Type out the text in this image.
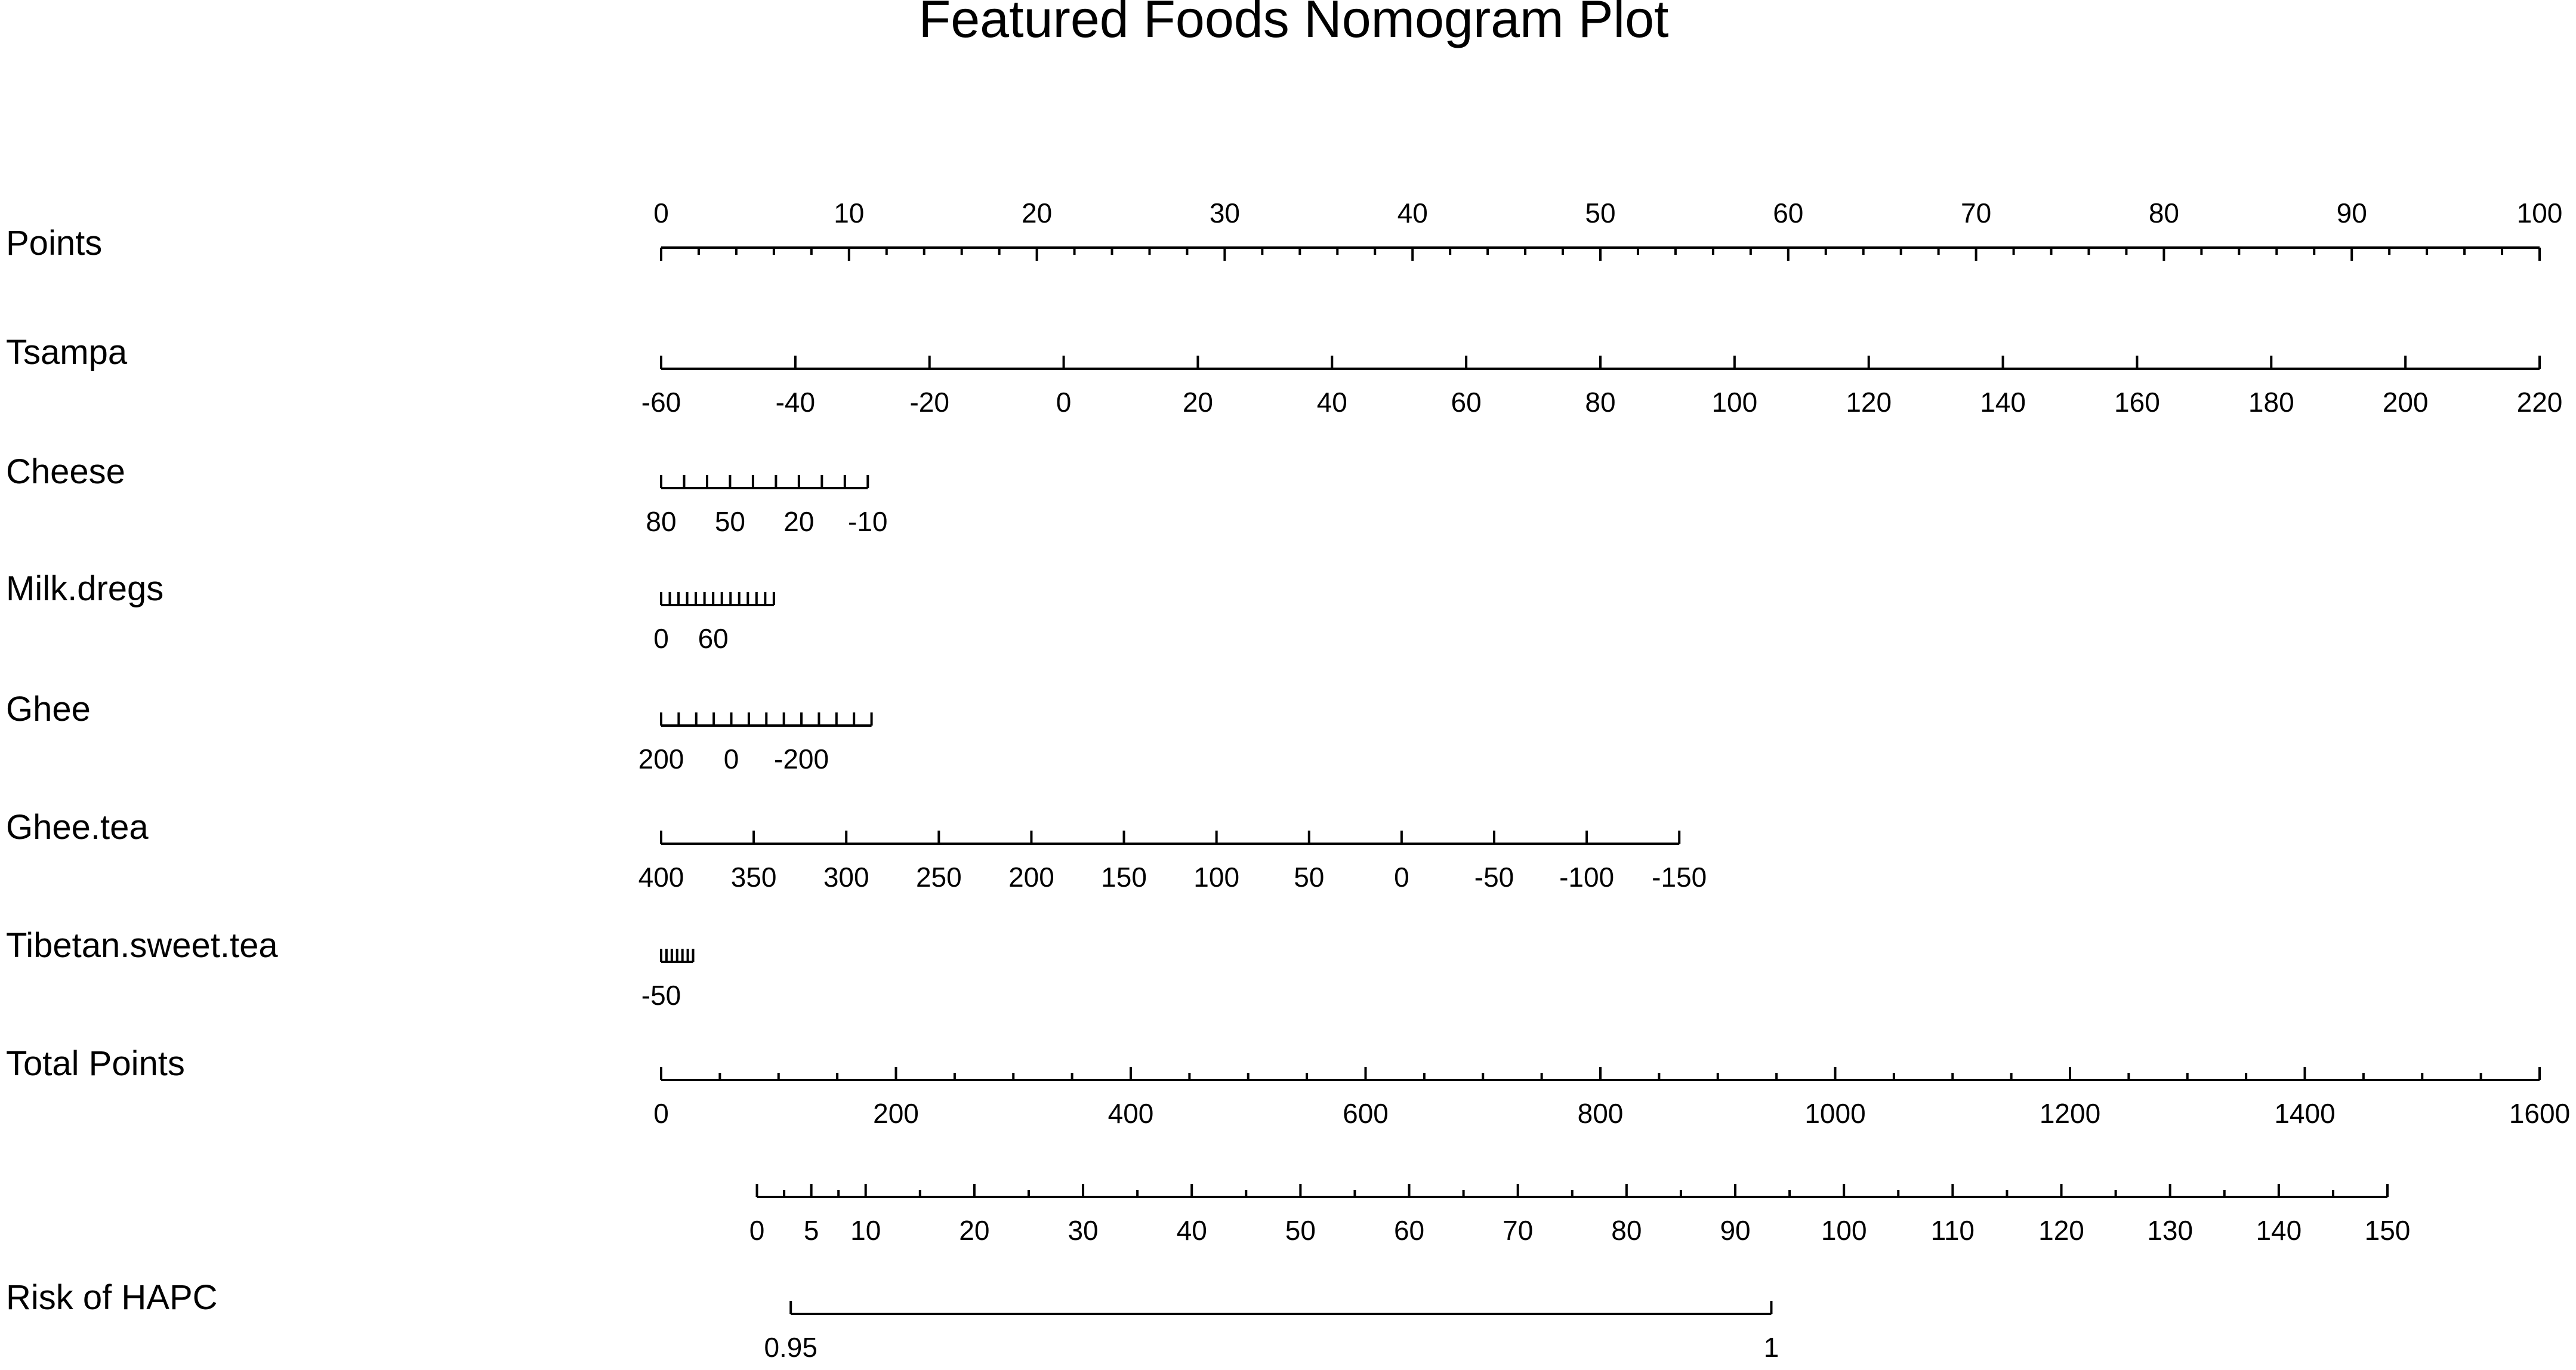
Featured Foods Nomogram Plot
Points
0	10	20	30	40	50	60	70	80	90	100
Tsampa
-60	-40	-20	0	20	40	60	80	100	120	140	160	180	200	220
Cheese
80 50 20 -10
Milk.dregs
0 60
Ghee
200 0 -200
Ghee.tea
400 350 300 250 200 150 100 50	0 -50 -100 -150
Tibetan.sweet.tea
-50
Total Points
0	200	400	600	800	1000	1200	1400	1600
0 5 10	20	30	40	50	60	70	80	90	100 110 120 130 140 150
Risk of HAPC
0.95	1
